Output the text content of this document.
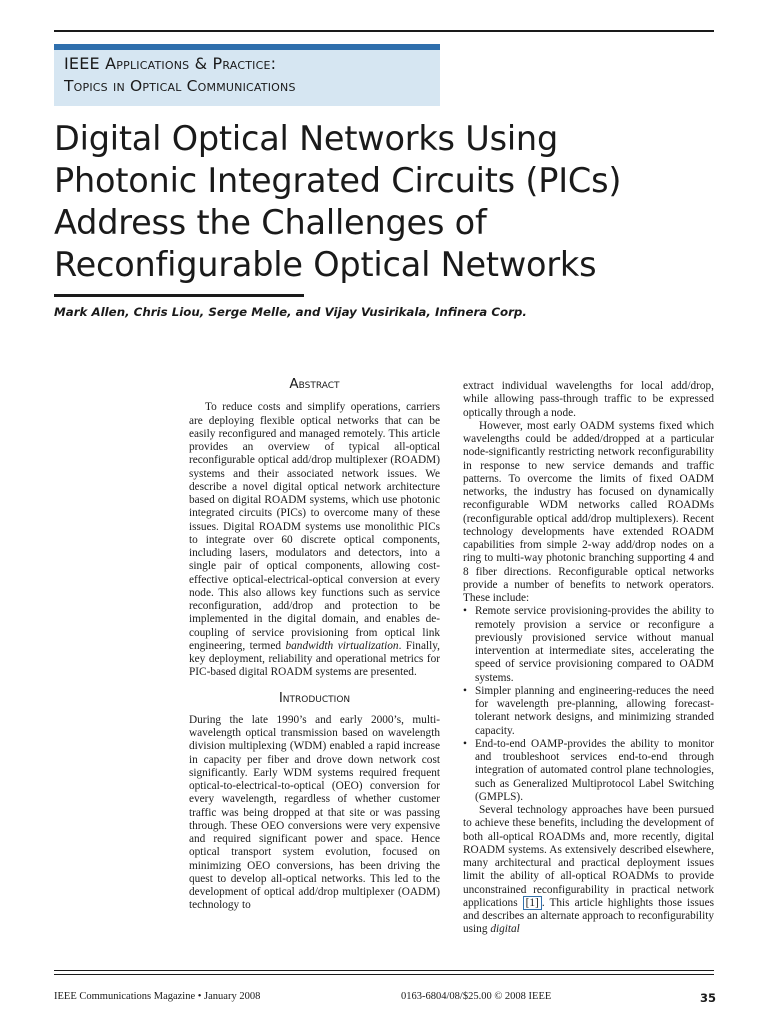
IEEE Applications & Practice:
Topics in Optical Communications
Digital Optical Networks Using
Photonic Integrated Circuits (PICs)
Address the Challenges of
Reconfigurable Optical Networks
Mark Allen, Chris Liou, Serge Melle, and Vijay Vusirikala, Infinera Corp.
Abstract

To reduce costs and simplify operations, carriers are deploying flexible optical networks that can be easily reconfigured and managed remotely. This article provides an overview of typical all-optical reconfigurable optical add/drop multiplexer (ROADM) systems and their associated network issues. We describe a novel digital optical network architecture based on digital ROADM systems, which use photonic integrated circuits (PICs) to overcome many of these issues. Digital ROADM systems use monolithic PICs to integrate over 60 discrete optical components, including lasers, modulators and detectors, into a single pair of optical components, allowing cost-effective optical-electrical-optical conversion at every node. This also allows key functions such as service reconfiguration, add/drop and protection to be implemented in the digital domain, and enables de-coupling of service provisioning from optical link engineering, termed bandwidth virtualization. Finally, key deployment, reliability and operational metrics for PIC-based digital ROADM systems are presented.

Introduction

During the late 1990’s and early 2000’s, multi-wavelength optical transmission based on wavelength division multiplexing (WDM) enabled a rapid increase in capacity per fiber and drove down network cost significantly. Early WDM systems required frequent optical-to-electrical-to-optical (OEO) conversion for every wavelength, regardless of whether customer traffic was being dropped at that site or was passing through. These OEO conversions were very expensive and required significant power and space. Hence optical transport system evolution, focused on minimizing OEO conversions, has been driving the quest to develop all-optical networks. This led to the development of optical add/drop multiplexer (OADM) technology to

extract individual wavelengths for local add/drop, while allowing pass-through traffic to be expressed optically through a node.

However, most early OADM systems fixed which wavelengths could be added/dropped at a particular node-significantly restricting network reconfigurability in response to new service demands and traffic patterns. To overcome the limits of fixed OADM networks, the industry has focused on dynamically reconfigurable WDM networks called ROADMs (reconfigurable optical add/drop multiplexers). Recent technology developments have extended ROADM capabilities from simple 2-way add/drop nodes on a ring to multi-way photonic branching supporting 4 and 8 fiber directions. Reconfigurable optical networks provide a number of benefits to network operators. These include:

• Remote service provisioning-provides the ability to remotely provision a service or reconfigure a previously provisioned service without manual intervention at intermediate sites, accelerating the speed of service provisioning compared to OADM systems.
• Simpler planning and engineering-reduces the need for wavelength pre-planning, allowing forecast-tolerant network designs, and minimizing stranded capacity.
• End-to-end OAMP-provides the ability to monitor and troubleshoot services end-to-end through integration of automated control plane technologies, such as Generalized Multiprotocol Label Switching (GMPLS).

Several technology approaches have been pursued to achieve these benefits, including the development of both all-optical ROADMs and, more recently, digital ROADM systems. As extensively described elsewhere, many architectural and practical deployment issues limit the ability of all-optical ROADMs to provide unconstrained reconfigurability in practical network applications [1] . This article highlights those issues and describes an alternate approach to reconfigurability using digital

IEEE Communications Magazine • January 2008	0163-6804/08/$25.00 © 2008 IEEE	35
